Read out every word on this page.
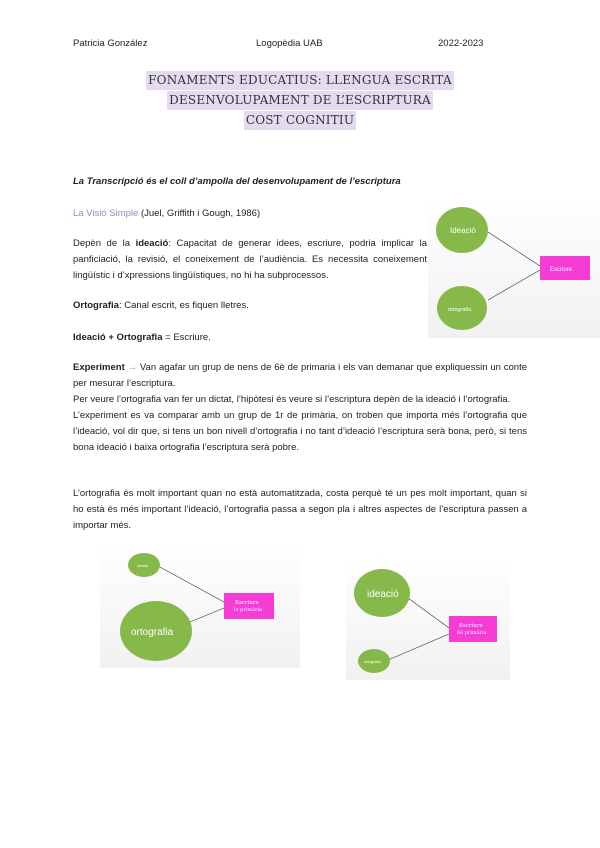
Patricia González	Logopèdia UAB	2022-2023
FONAMENTS EDUCATIUS: LLENGUA ESCRITA
DESENVOLUPAMENT DE L’ESCRIPTURA
COST COGNITIU
La Transcripció és el coll d’ampolla del desenvolupament de l’escriptura
La Visió Simple (Juel, Griffith i Gough, 1986)
Depèn de la ideació: Capacitat de generar idees, escriure, podria implicar la panficiació, la revisió, el coneixement de l’audiència. Es necessita coneixement lingüístic i d’xpressions lingüístiques, no hi ha subprocessos.
Ortografia: Canal escrit, es fiquen lletres.
Ideació + Ortografia = Escriure.
Experiment → Van agafar un grup de nens de 6è de primaria i els van demanar que expliquessin un conte per mesurar l’escriptura.
Per veure l’ortografia van fer un dictat, l’hipòtesi és veure si l’escriptura depèn de la ideació i l’ortografia.
L’experiment es va comparar amb un grup de 1r de primària, on troben que importa més l’ortografia que l’ideació, vol dir que, si tens un bon nivell d’ortografia i no tant d’ideació l’escriptura serà bona, però, si tens bona ideació i baixa ortografia l’escriptura serà pobre.
L’ortografia és molt important quan no està automatitzada, costa perquè té un pes molt important, quan si ho està és més important l’ideació, l’ortografia passa a segon pla i altres aspectes de l’escriptura passen a importar més.
Ideació
ortografia
Escriure
ideació
ortografia
Escriure
1r primària
ideació
ortografia
Escriure
6è primària
